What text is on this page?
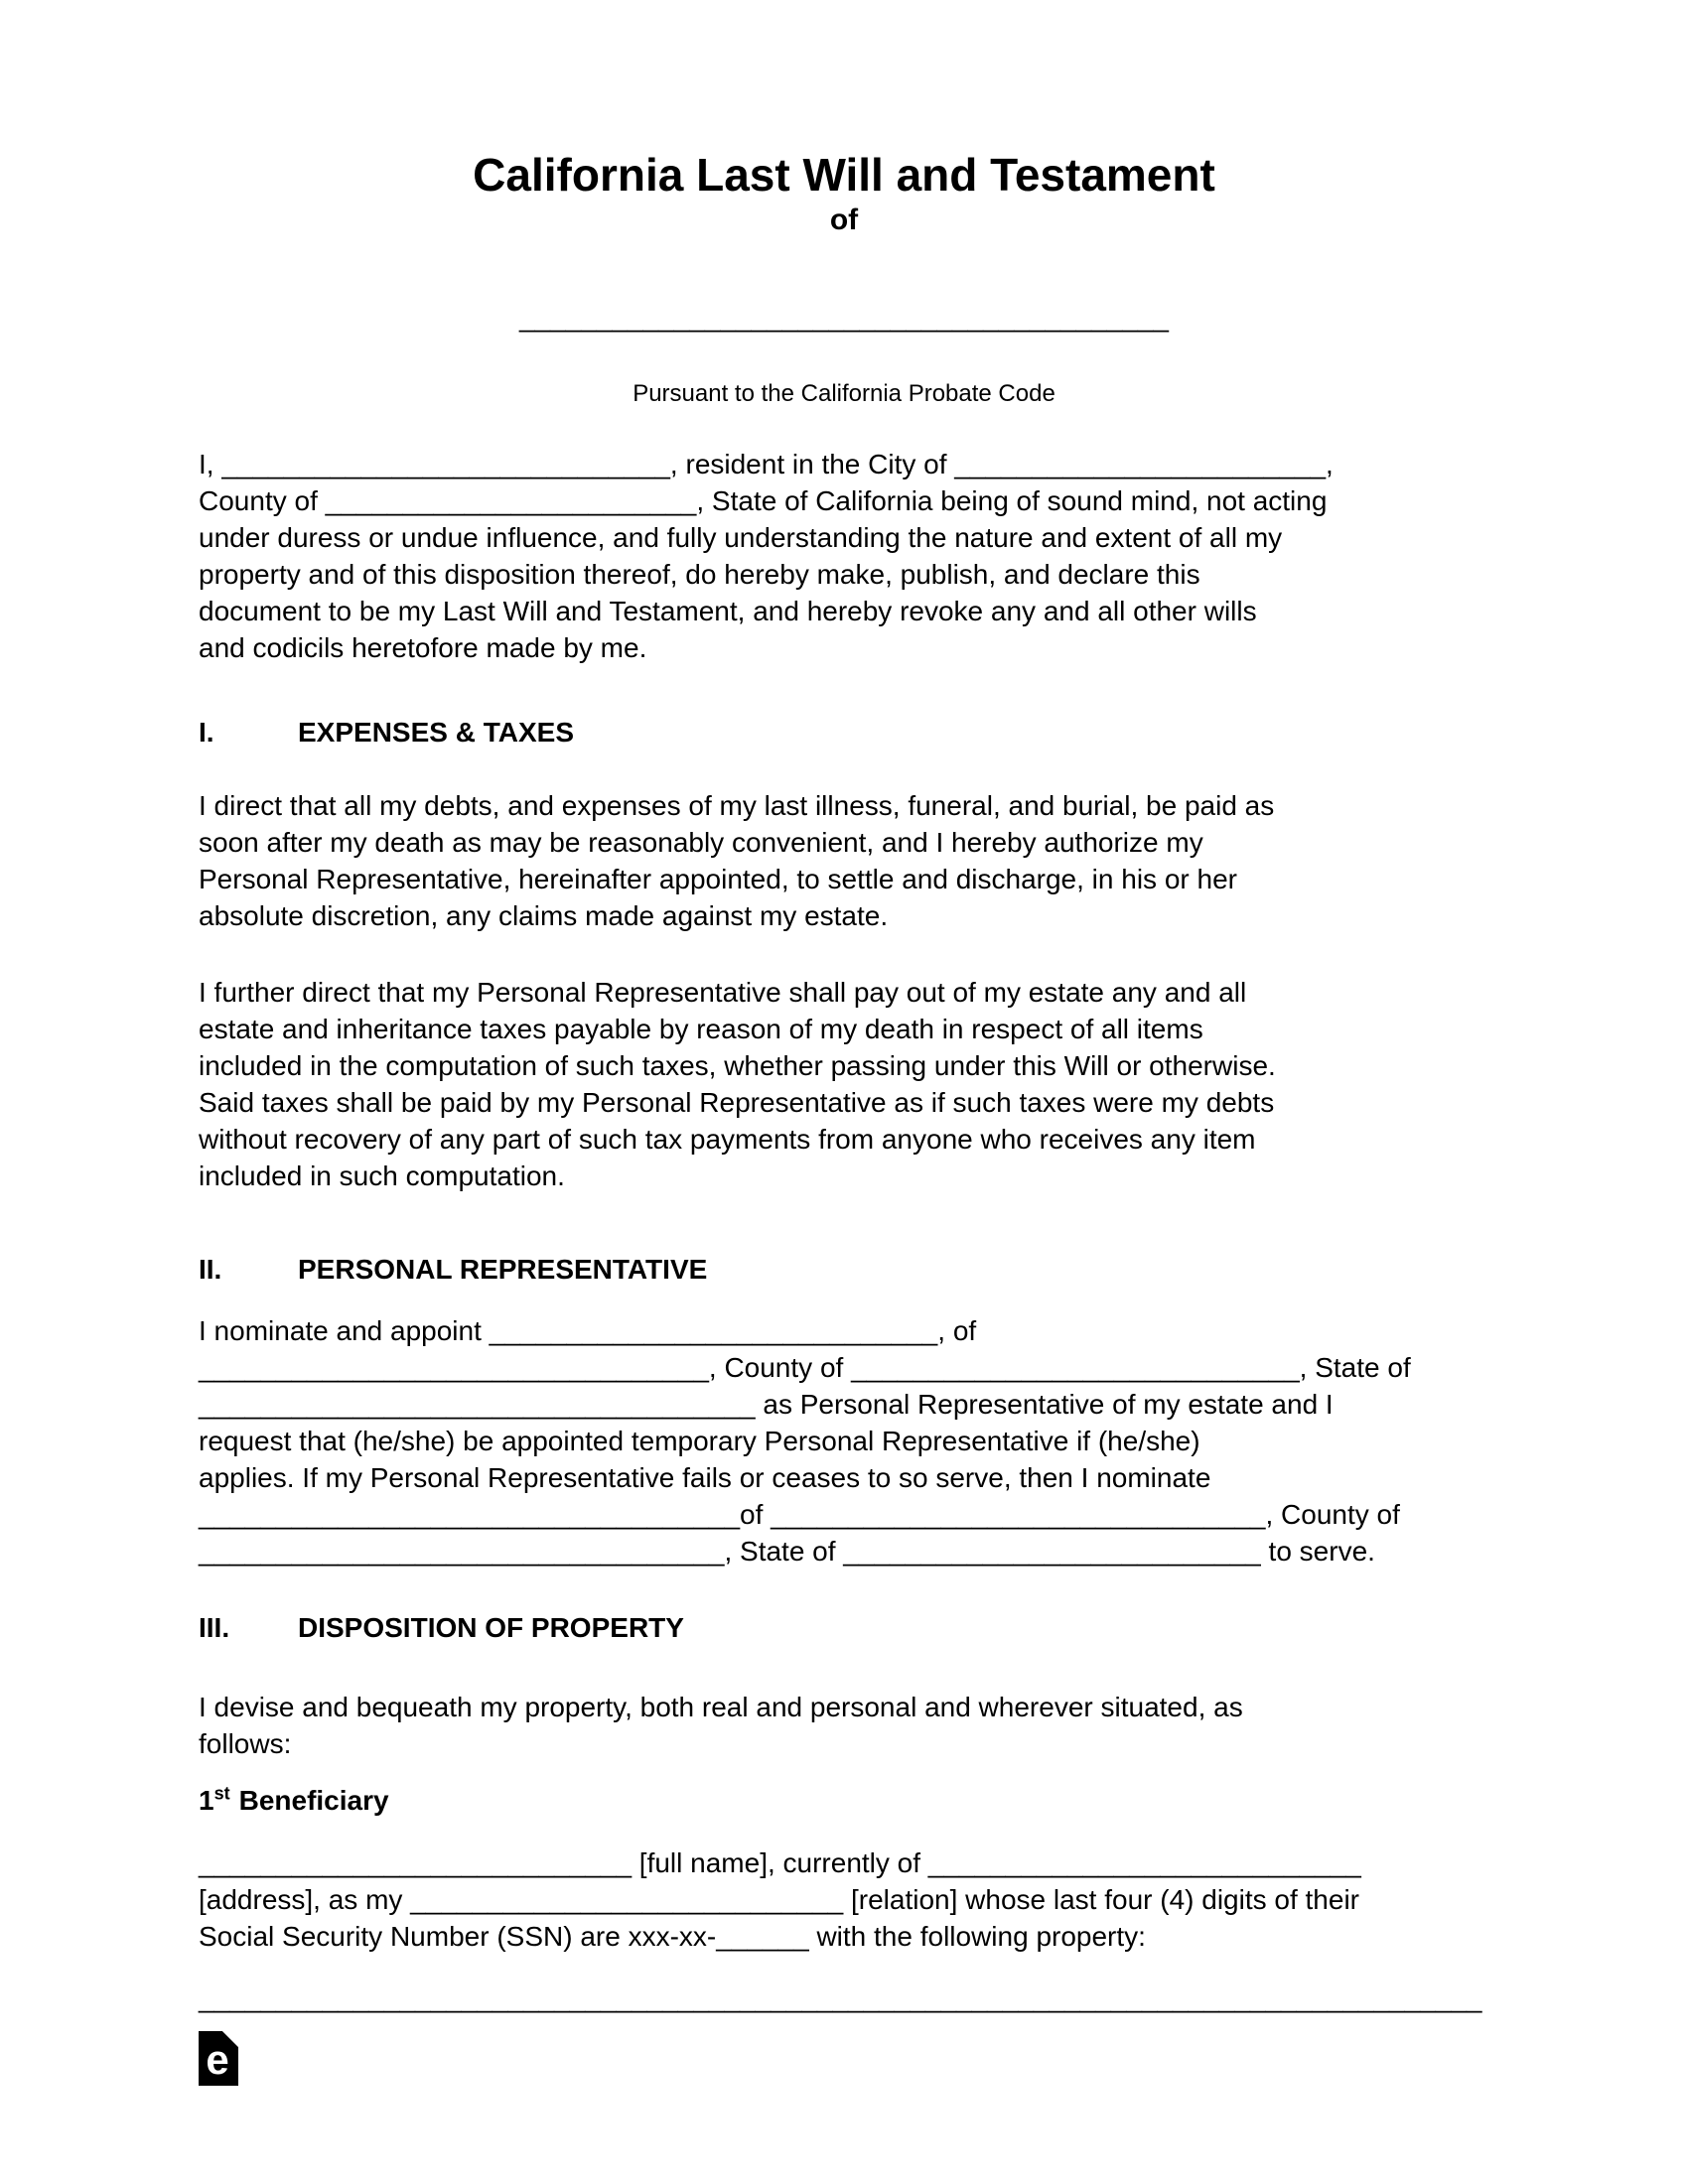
California Last Will and Testament
of
__________________________________________
Pursuant to the California Probate Code
I, _____________________________, resident in the City of ________________________,
County of ________________________, State of California being of sound mind, not acting
under duress or undue influence, and fully understanding the nature and extent of all my
property and of this disposition thereof, do hereby make, publish, and declare this
document to be my Last Will and Testament, and hereby revoke any and all other wills
and codicils heretofore made by me.
I.	EXPENSES & TAXES
I direct that all my debts, and expenses of my last illness, funeral, and burial, be paid as
soon after my death as may be reasonably convenient, and I hereby authorize my
Personal Representative, hereinafter appointed, to settle and discharge, in his or her
absolute discretion, any claims made against my estate.
I further direct that my Personal Representative shall pay out of my estate any and all
estate and inheritance taxes payable by reason of my death in respect of all items
included in the computation of such taxes, whether passing under this Will or otherwise.
Said taxes shall be paid by my Personal Representative as if such taxes were my debts
without recovery of any part of such tax payments from anyone who receives any item
included in such computation.
II.	PERSONAL REPRESENTATIVE
I nominate and appoint _____________________________, of
_________________________________, County of _____________________________, State of
____________________________________ as Personal Representative of my estate and I
request that (he/she) be appointed temporary Personal Representative if (he/she)
applies. If my Personal Representative fails or ceases to so serve, then I nominate
___________________________________of ________________________________, County of
__________________________________, State of ___________________________ to serve.
III.	DISPOSITION OF PROPERTY
I devise and bequeath my property, both real and personal and wherever situated, as
follows:
1st Beneficiary
____________________________ [full name], currently of ____________________________
[address], as my ____________________________ [relation] whose last four (4) digits of their
Social Security Number (SSN) are xxx-xx-______ with the following property:
___________________________________________________________________________________
e
